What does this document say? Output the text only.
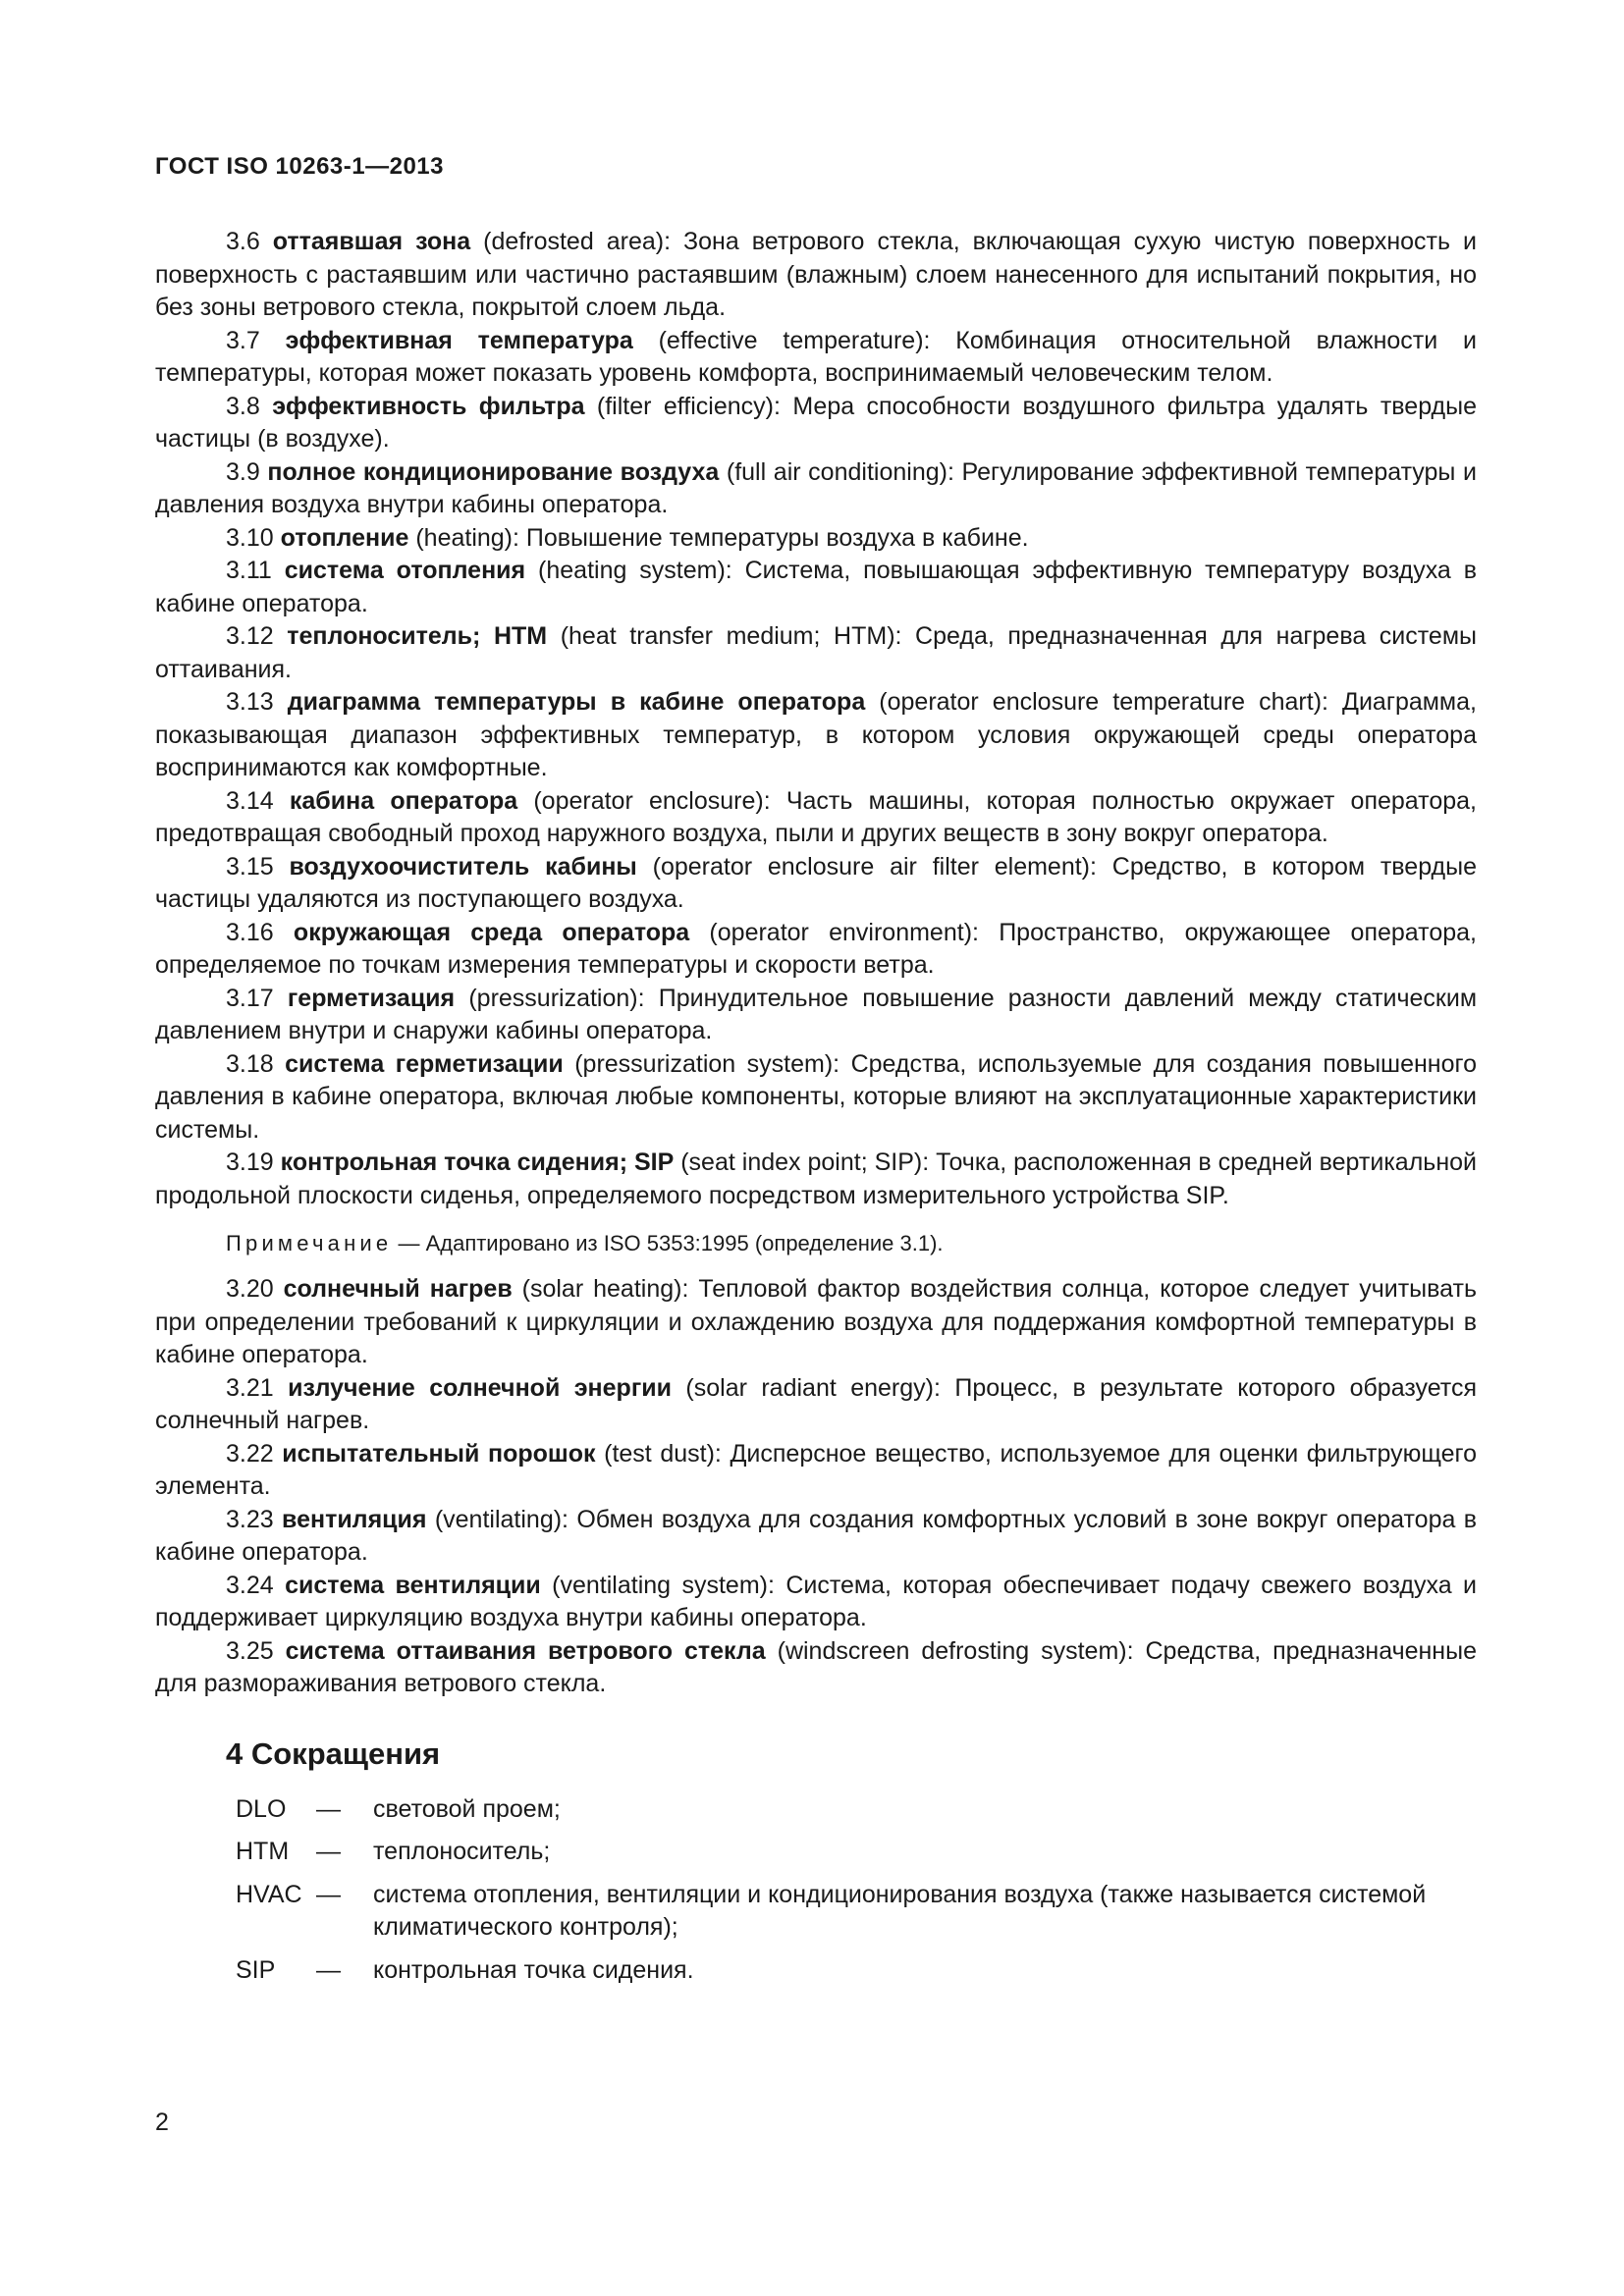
ГОСТ ISO 10263-1—2013

3.6 оттаявшая зона (defrosted area): Зона ветрового стекла, включающая сухую чистую поверхность и поверхность с растаявшим или частично растаявшим (влажным) слоем нанесенного для испытаний покрытия, но без зоны ветрового стекла, покрытой слоем льда.

3.7 эффективная температура (effective temperature): Комбинация относительной влажности и температуры, которая может показать уровень комфорта, воспринимаемый человеческим телом.

3.8 эффективность фильтра (filter efficiency): Мера способности воздушного фильтра удалять твердые частицы (в воздухе).

3.9 полное кондиционирование воздуха (full air conditioning): Регулирование эффективной температуры и давления воздуха внутри кабины оператора.

3.10 отопление (heating): Повышение температуры воздуха в кабине.

3.11 система отопления (heating system): Система, повышающая эффективную температуру воздуха в кабине оператора.

3.12 теплоноситель; НТМ (heat transfer medium; НТМ): Среда, предназначенная для нагрева системы оттаивания.

3.13 диаграмма температуры в кабине оператора (operator enclosure temperature chart): Диаграмма, показывающая диапазон эффективных температур, в котором условия окружающей среды оператора воспринимаются как комфортные.

3.14 кабина оператора (operator enclosure): Часть машины, которая полностью окружает оператора, предотвращая свободный проход наружного воздуха, пыли и других веществ в зону вокруг оператора.

3.15 воздухоочиститель кабины (operator enclosure air filter element): Средство, в котором твердые частицы удаляются из поступающего воздуха.

3.16 окружающая среда оператора (operator environment): Пространство, окружающее оператора, определяемое по точкам измерения температуры и скорости ветра.

3.17 герметизация (pressurization): Принудительное повышение разности давлений между статическим давлением внутри и снаружи кабины оператора.

3.18 система герметизации (pressurization system): Средства, используемые для создания повышенного давления в кабине оператора, включая любые компоненты, которые влияют на эксплуатационные характеристики системы.

3.19 контрольная точка сидения; SIP (seat index point; SIP): Точка, расположенная в средней вертикальной продольной плоскости сиденья, определяемого посредством измерительного устройства SIP.

Примечание — Адаптировано из ISO 5353:1995 (определение 3.1).

3.20 солнечный нагрев (solar heating): Тепловой фактор воздействия солнца, которое следует учитывать при определении требований к циркуляции и охлаждению воздуха для поддержания комфортной температуры в кабине оператора.

3.21 излучение солнечной энергии (solar radiant energy): Процесс, в результате которого образуется солнечный нагрев.

3.22 испытательный порошок (test dust): Дисперсное вещество, используемое для оценки фильтрующего элемента.

3.23 вентиляция (ventilating): Обмен воздуха для создания комфортных условий в зоне вокруг оператора в кабине оператора.

3.24 система вентиляции (ventilating system): Система, которая обеспечивает подачу свежего воздуха и поддерживает циркуляцию воздуха внутри кабины оператора.

3.25 система оттаивания ветрового стекла (windscreen defrosting system): Средства, предназначенные для размораживания ветрового стекла.

4 Сокращения
DLO	—	световой проем;
НТМ	—	теплоноситель;
HVAC —	система отопления, вентиляции и кондиционирования воздуха (также называется системой климатического контроля);
SIP	—	контрольная точка сидения.
2
